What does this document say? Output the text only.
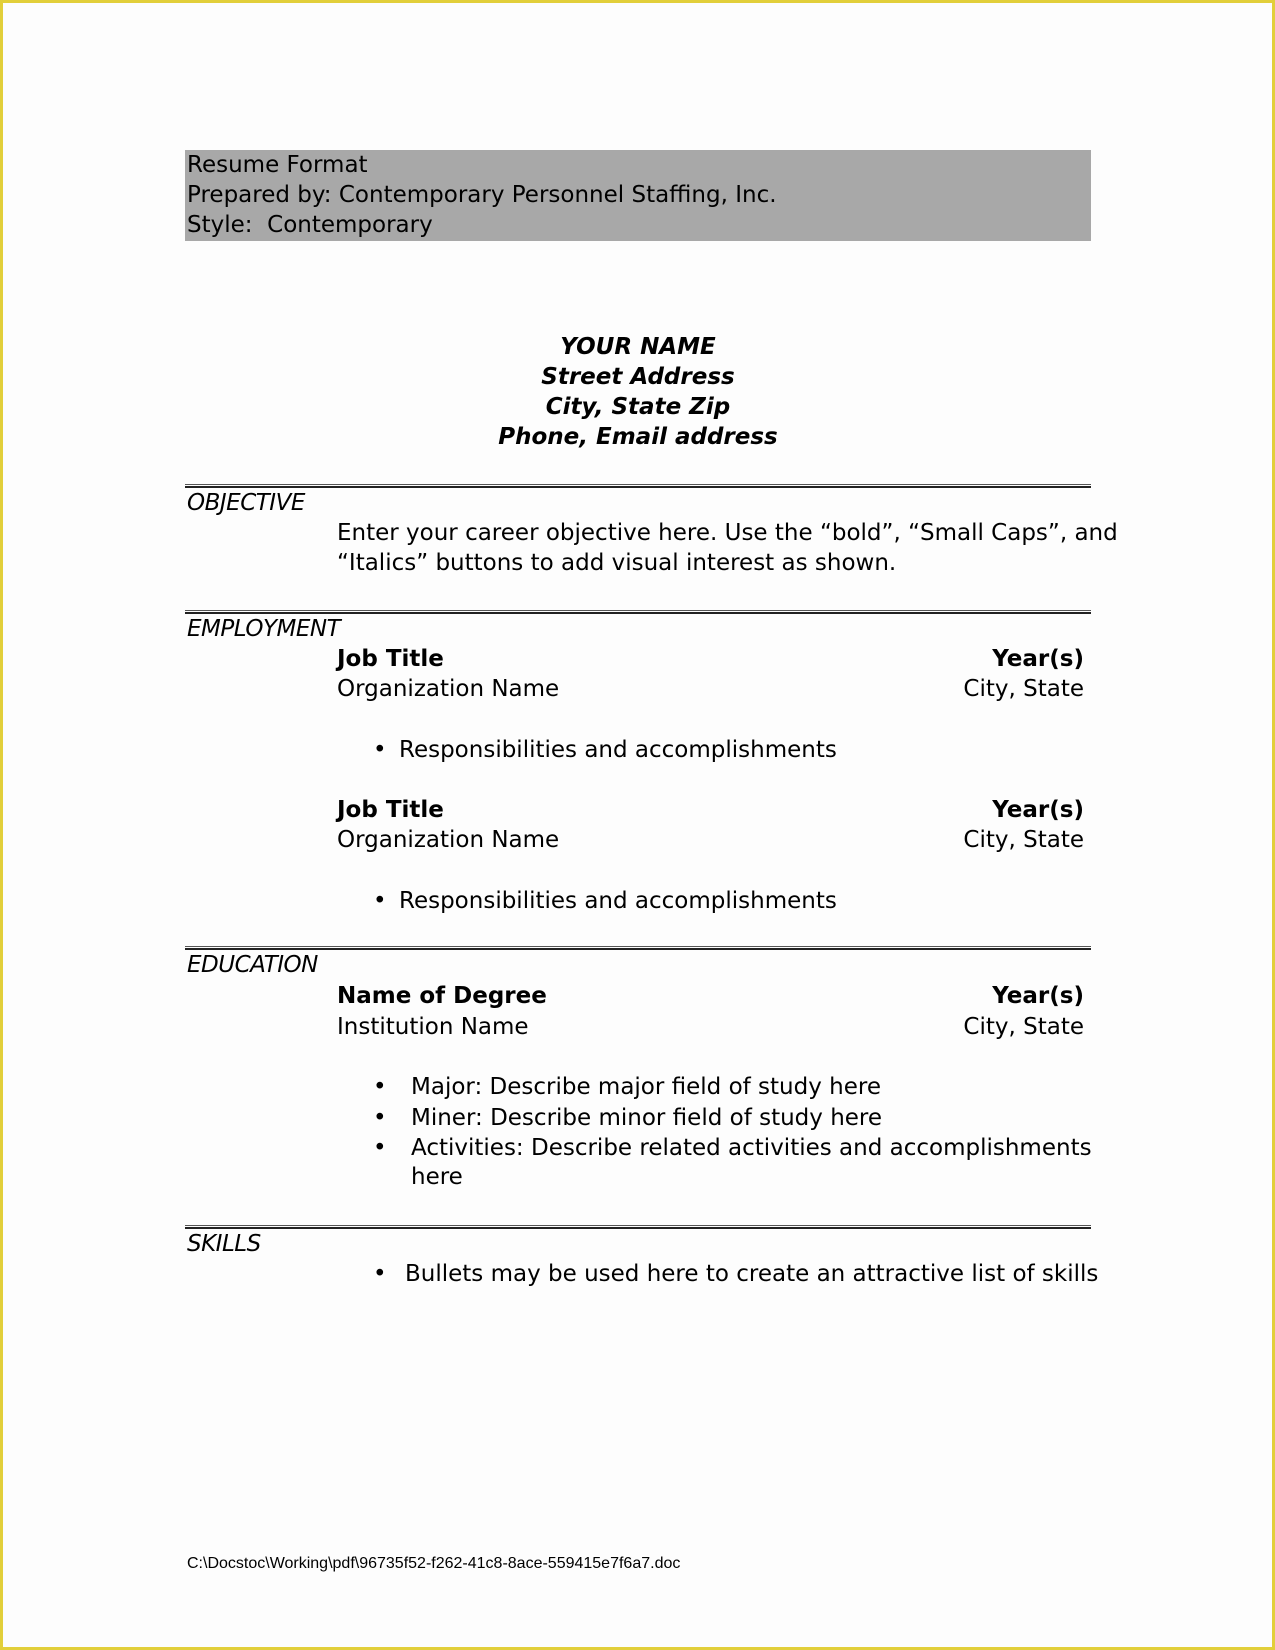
Resume Format
Prepared by: Contemporary Personnel Staffing, Inc.
Style:  Contemporary
YOUR NAME
Street Address
City, State Zip
Phone, Email address
OBJECTIVE
Enter your career objective here. Use the “bold”, “Small Caps”, and
“Italics” buttons to add visual interest as shown.
EMPLOYMENT
Job Title	Year(s)
Organization Name	City, State
• Responsibilities and accomplishments
Job Title	Year(s)
Organization Name	City, State
• Responsibilities and accomplishments
EDUCATION
Name of Degree	Year(s)
Institution Name	City, State
• Major: Describe major field of study here
• Miner: Describe minor field of study here
• Activities: Describe related activities and accomplishments
here
SKILLS
• Bullets may be used here to create an attractive list of skills
C:\Docstoc\Working\pdf\96735f52-f262-41c8-8ace-559415e7f6a7.doc
